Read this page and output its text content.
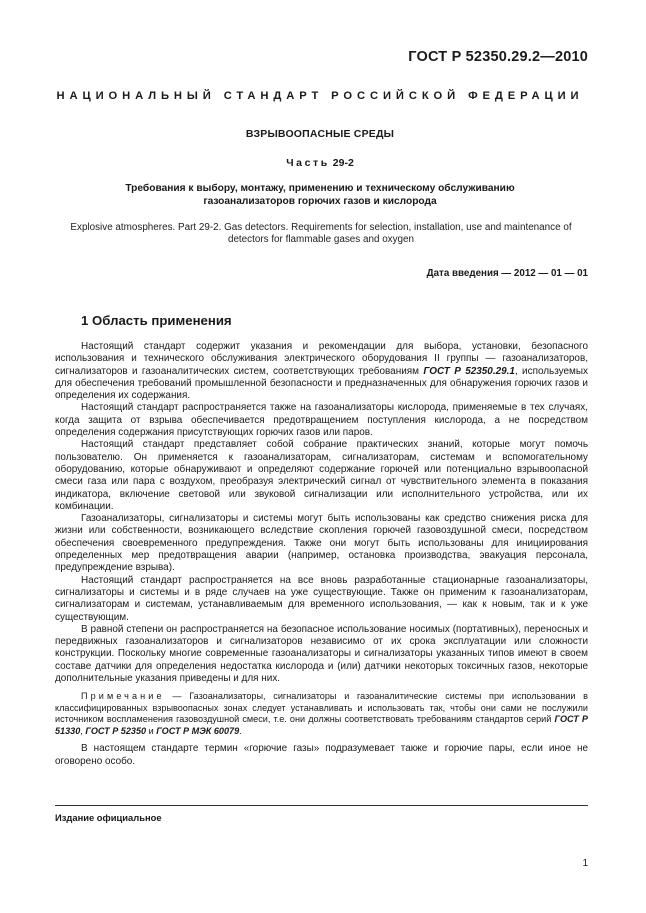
ГОСТ Р 52350.29.2—2010
НАЦИОНАЛЬНЫЙ СТАНДАРТ РОССИЙСКОЙ ФЕДЕРАЦИИ
ВЗРЫВООПАСНЫЕ СРЕДЫ
Часть 29-2
Требования к выбору, монтажу, применению и техническому обслуживанию газоанализаторов горючих газов и кислорода
Explosive atmospheres. Part 29-2. Gas detectors. Requirements for selection, installation, use and maintenance of detectors for flammable gases and oxygen
Дата введения — 2012 — 01 — 01
1 Область применения

Настоящий стандарт содержит указания и рекомендации для выбора, установки, безопасного использования и технического обслуживания электрического оборудования II группы — газоанализаторов, сигнализаторов и газоаналитических систем, соответствующих требованиям ГОСТ Р 52350.29.1, используемых для обеспечения требований промышленной безопасности и предназначенных для обнаружения горючих газов и определения их содержания.

Настоящий стандарт распространяется также на газоанализаторы кислорода, применяемые в тех случаях, когда защита от взрыва обеспечивается предотвращением поступления кислорода, а не посредством определения содержания присутствующих горючих газов или паров.

Настоящий стандарт представляет собой собрание практических знаний, которые могут помочь пользователю. Он применяется к газоанализаторам, сигнализаторам, системам и вспомогательному оборудованию, которые обнаруживают и определяют содержание горючей или потенциально взрывоопасной смеси газа или пара с воздухом, преобразуя электрический сигнал от чувствительного элемента в показания индикатора, включение световой или звуковой сигнализации или исполнительного устройства, или их комбинации.

Газоанализаторы, сигнализаторы и системы могут быть использованы как средство снижения риска для жизни или собственности, возникающего вследствие скопления горючей газовоздушной смеси, посредством обеспечения своевременного предупреждения. Также они могут быть использованы для инициирования определенных мер предотвращения аварии (например, остановка производства, эвакуация персонала, предупреждение взрыва).

Настоящий стандарт распространяется на все вновь разработанные стационарные газоанализаторы, сигнализаторы и системы и в ряде случаев на уже существующие. Также он применим к газоанализаторам, сигнализаторам и системам, устанавливаемым для временного использования, — как к новым, так и к уже существующим.

В равной степени он распространяется на безопасное использование носимых (портативных), переносных и передвижных газоанализаторов и сигнализаторов независимо от их срока эксплуатации или сложности конструкции. Поскольку многие современные газоанализаторы и сигнализаторы указанных типов имеют в своем составе датчики для определения недостатка кислорода и (или) датчики некоторых токсичных газов, некоторые дополнительные указания приведены и для них.

Примечание — Газоанализаторы, сигнализаторы и газоаналитические системы при использовании в классифицированных взрывоопасных зонах следует устанавливать и использовать так, чтобы они сами не послужили источником воспламенения газовоздушной смеси, т.е. они должны соответствовать требованиям стандартов серий ГОСТ Р 51330, ГОСТ Р 52350 и ГОСТ Р МЭК 60079.

В настоящем стандарте термин «горючие газы» подразумевает также и горючие пары, если иное не оговорено особо.

Издание официальное
1
